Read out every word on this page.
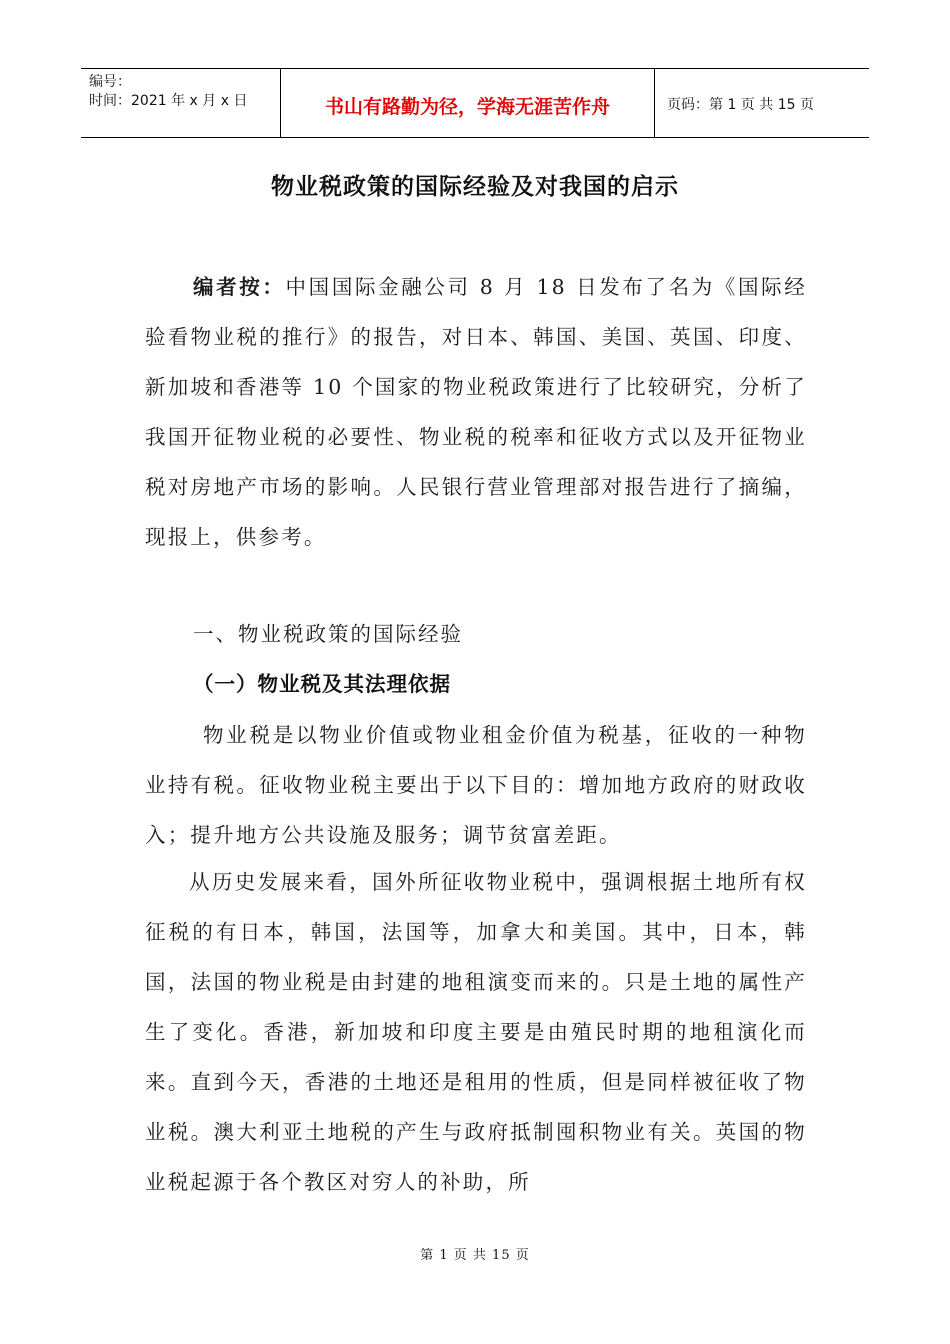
编号：
时间：2021 年 x 月 x 日	书山有路勤为径，学海无涯苦作舟	页码：第 1 页 共 15 页
物业税政策的国际经验及对我国的启示
编者按：中国国际金融公司 8 月 18 日发布了名为《国际经验看物业税的推行》的报告，对日本、韩国、美国、英国、印度、新加坡和香港等 10 个国家的物业税政策进行了比较研究，分析了我国开征物业税的必要性、物业税的税率和征收方式以及开征物业税对房地产市场的影响。人民银行营业管理部对报告进行了摘编，现报上，供参考。
一、物业税政策的国际经验
（一）物业税及其法理依据
物业税是以物业价值或物业租金价值为税基，征收的一种物业持有税。征收物业税主要出于以下目的：增加地方政府的财政收入；提升地方公共设施及服务；调节贫富差距。
从历史发展来看，国外所征收物业税中，强调根据土地所有权征税的有日本，韩国，法国等，加拿大和美国。其中，日本，韩国，法国的物业税是由封建的地租演变而来的。只是土地的属性产生了变化。香港，新加坡和印度主要是由殖民时期的地租演化而来。直到今天，香港的土地还是租用的性质，但是同样被征收了物业税。澳大利亚土地税的产生与政府抵制囤积物业有关。英国的物业税起源于各个教区对穷人的补助，所
第 1 页 共 15 页
